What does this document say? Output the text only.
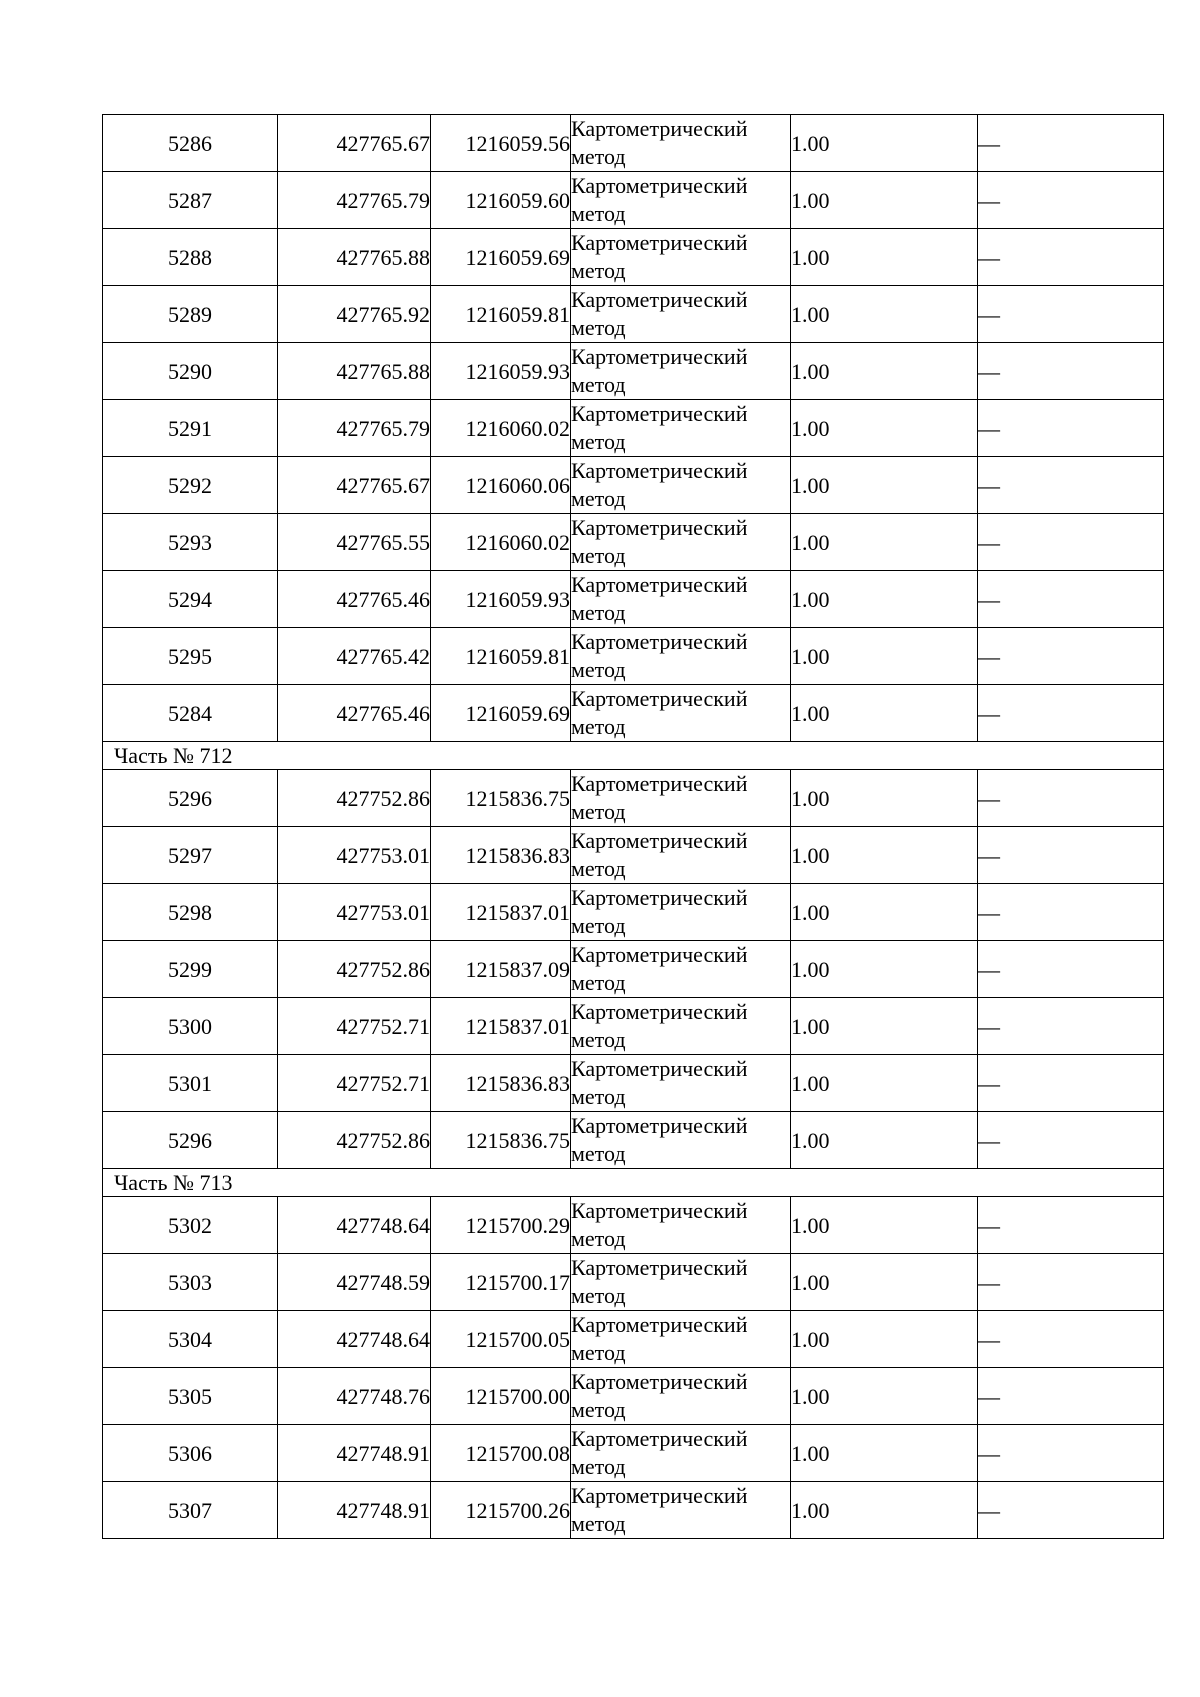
5286	427765.67	1216059.56	Картометрический
метод	1.00	—
5287	427765.79	1216059.60	Картометрический
метод	1.00	—
5288	427765.88	1216059.69	Картометрический
метод	1.00	—
5289	427765.92	1216059.81	Картометрический
метод	1.00	—
5290	427765.88	1216059.93	Картометрический
метод	1.00	—
5291	427765.79	1216060.02	Картометрический
метод	1.00	—
5292	427765.67	1216060.06	Картометрический
метод	1.00	—
5293	427765.55	1216060.02	Картометрический
метод	1.00	—
5294	427765.46	1216059.93	Картометрический
метод	1.00	—
5295	427765.42	1216059.81	Картометрический
метод	1.00	—
5284	427765.46	1216059.69	Картометрический
метод	1.00	—
Часть № 712					
5296	427752.86	1215836.75	Картометрический
метод	1.00	—
5297	427753.01	1215836.83	Картометрический
метод	1.00	—
5298	427753.01	1215837.01	Картометрический
метод	1.00	—
5299	427752.86	1215837.09	Картометрический
метод	1.00	—
5300	427752.71	1215837.01	Картометрический
метод	1.00	—
5301	427752.71	1215836.83	Картометрический
метод	1.00	—
5296	427752.86	1215836.75	Картометрический
метод	1.00	—
Часть № 713					
5302	427748.64	1215700.29	Картометрический
метод	1.00	—
5303	427748.59	1215700.17	Картометрический
метод	1.00	—
5304	427748.64	1215700.05	Картометрический
метод	1.00	—
5305	427748.76	1215700.00	Картометрический
метод	1.00	—
5306	427748.91	1215700.08	Картометрический
метод	1.00	—
5307	427748.91	1215700.26	Картометрический
метод	1.00	—
